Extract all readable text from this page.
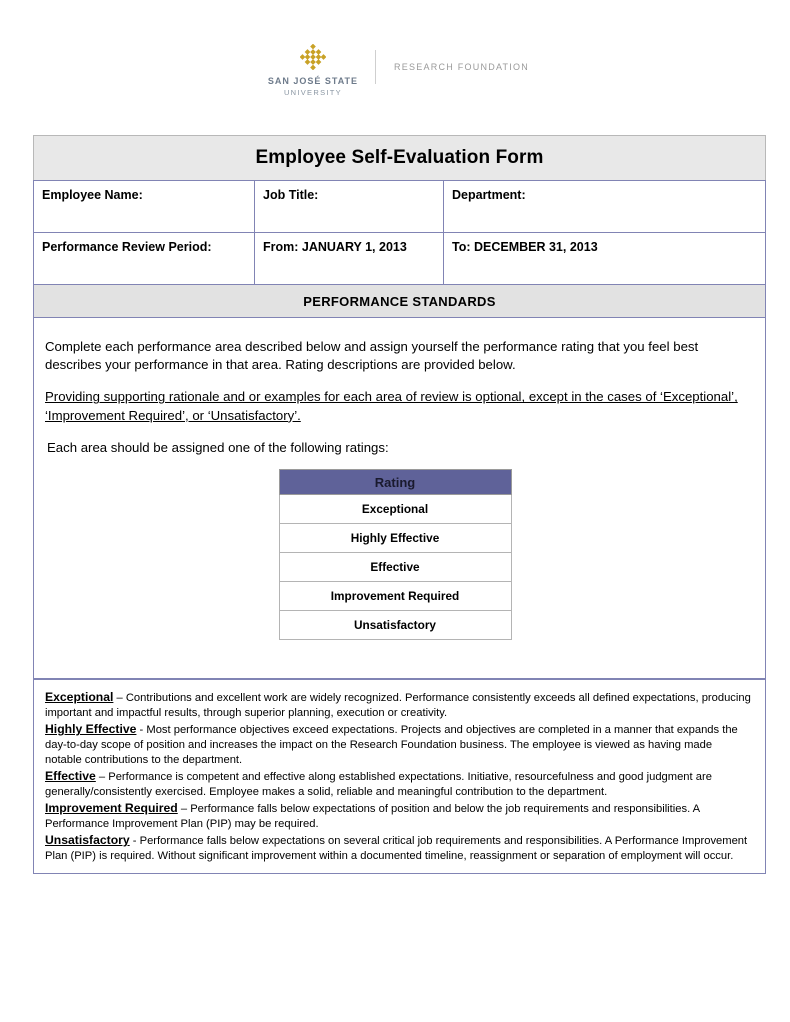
SAN JOSÉ STATE
UNIVERSITY
RESEARCH FOUNDATION
Employee Self-Evaluation Form
Employee Name:	Job Title:	Department:
Performance Review Period:	From: JANUARY 1, 2013	To: DECEMBER 31, 2013
PERFORMANCE STANDARDS

Complete each performance area described below and assign yourself the performance rating that you feel best describes your performance in that area. Rating descriptions are provided below.

Providing supporting rationale and or examples for each area of review is optional, except in the cases of ‘Exceptional’, ‘Improvement Required’, or ‘Unsatisfactory’.

Each area should be assigned one of the following ratings:

Rating
Exceptional
Highly Effective
Effective
Improvement Required
Unsatisfactory

Exceptional – Contributions and excellent work are widely recognized. Performance consistently exceeds all defined expectations, producing important and impactful results, through superior planning, execution or creativity.

Highly Effective - Most performance objectives exceed expectations. Projects and objectives are completed in a manner that expands the day-to-day scope of position and increases the impact on the Research Foundation business. The employee is viewed as having made notable contributions to the department.

Effective – Performance is competent and effective along established expectations. Initiative, resourcefulness and good judgment are generally/consistently exercised. Employee makes a solid, reliable and meaningful contribution to the department.

Improvement Required – Performance falls below expectations of position and below the job requirements and responsibilities. A Performance Improvement Plan (PIP) may be required.

Unsatisfactory - Performance falls below expectations on several critical job requirements and responsibilities. A Performance Improvement Plan (PIP) is required. Without significant improvement within a documented timeline, reassignment or separation of employment will occur.
